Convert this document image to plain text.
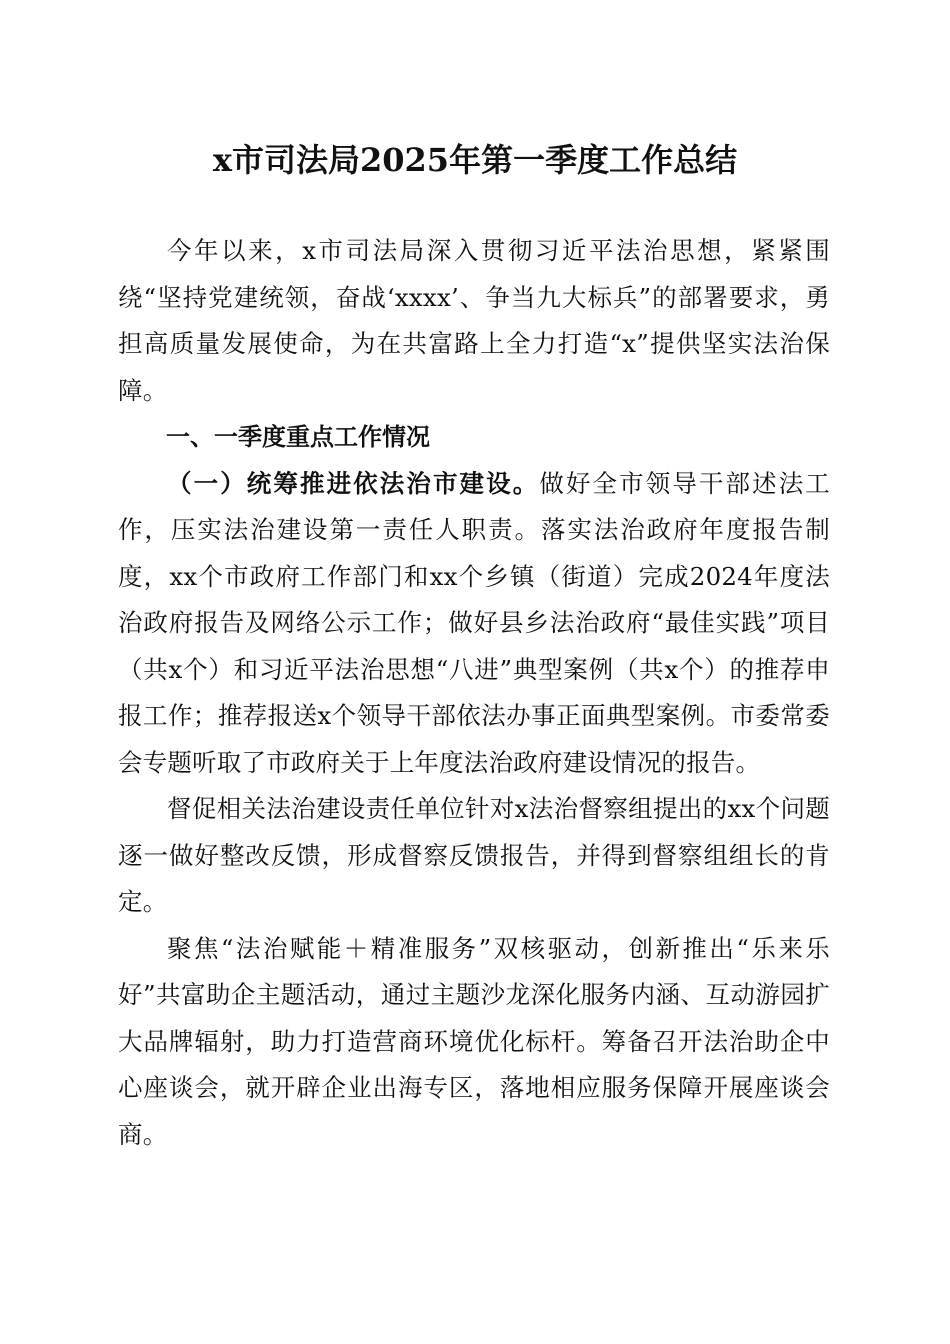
x市司法局2025年第一季度工作总结

今年以来，x市司法局深入贯彻习近平法治思想，紧紧围绕“坚持党建统领，奋战‘xxxx’、争当九大标兵”的部署要求，勇担高质量发展使命，为在共富路上全力打造“x”提供坚实法治保障。

一、一季度重点工作情况

（一）统筹推进依法治市建设。做好全市领导干部述法工作，压实法治建设第一责任人职责。落实法治政府年度报告制度，xx个市政府工作部门和xx个乡镇（街道）完成2024年度法治政府报告及网络公示工作；做好县乡法治政府“最佳实践”项目（共x个）和习近平法治思想“八进”典型案例（共x个）的推荐申报工作；推荐报送x个领导干部依法办事正面典型案例。市委常委会专题听取了市政府关于上年度法治政府建设情况的报告。

督促相关法治建设责任单位针对x法治督察组提出的xx个问题逐一做好整改反馈，形成督察反馈报告，并得到督察组组长的肯定。

聚焦“法治赋能＋精准服务”双核驱动，创新推出“乐来乐好”共富助企主题活动，通过主题沙龙深化服务内涵、互动游园扩大品牌辐射，助力打造营商环境优化标杆。筹备召开法治助企中心座谈会，就开辟企业出海专区，落地相应服务保障开展座谈会商。
